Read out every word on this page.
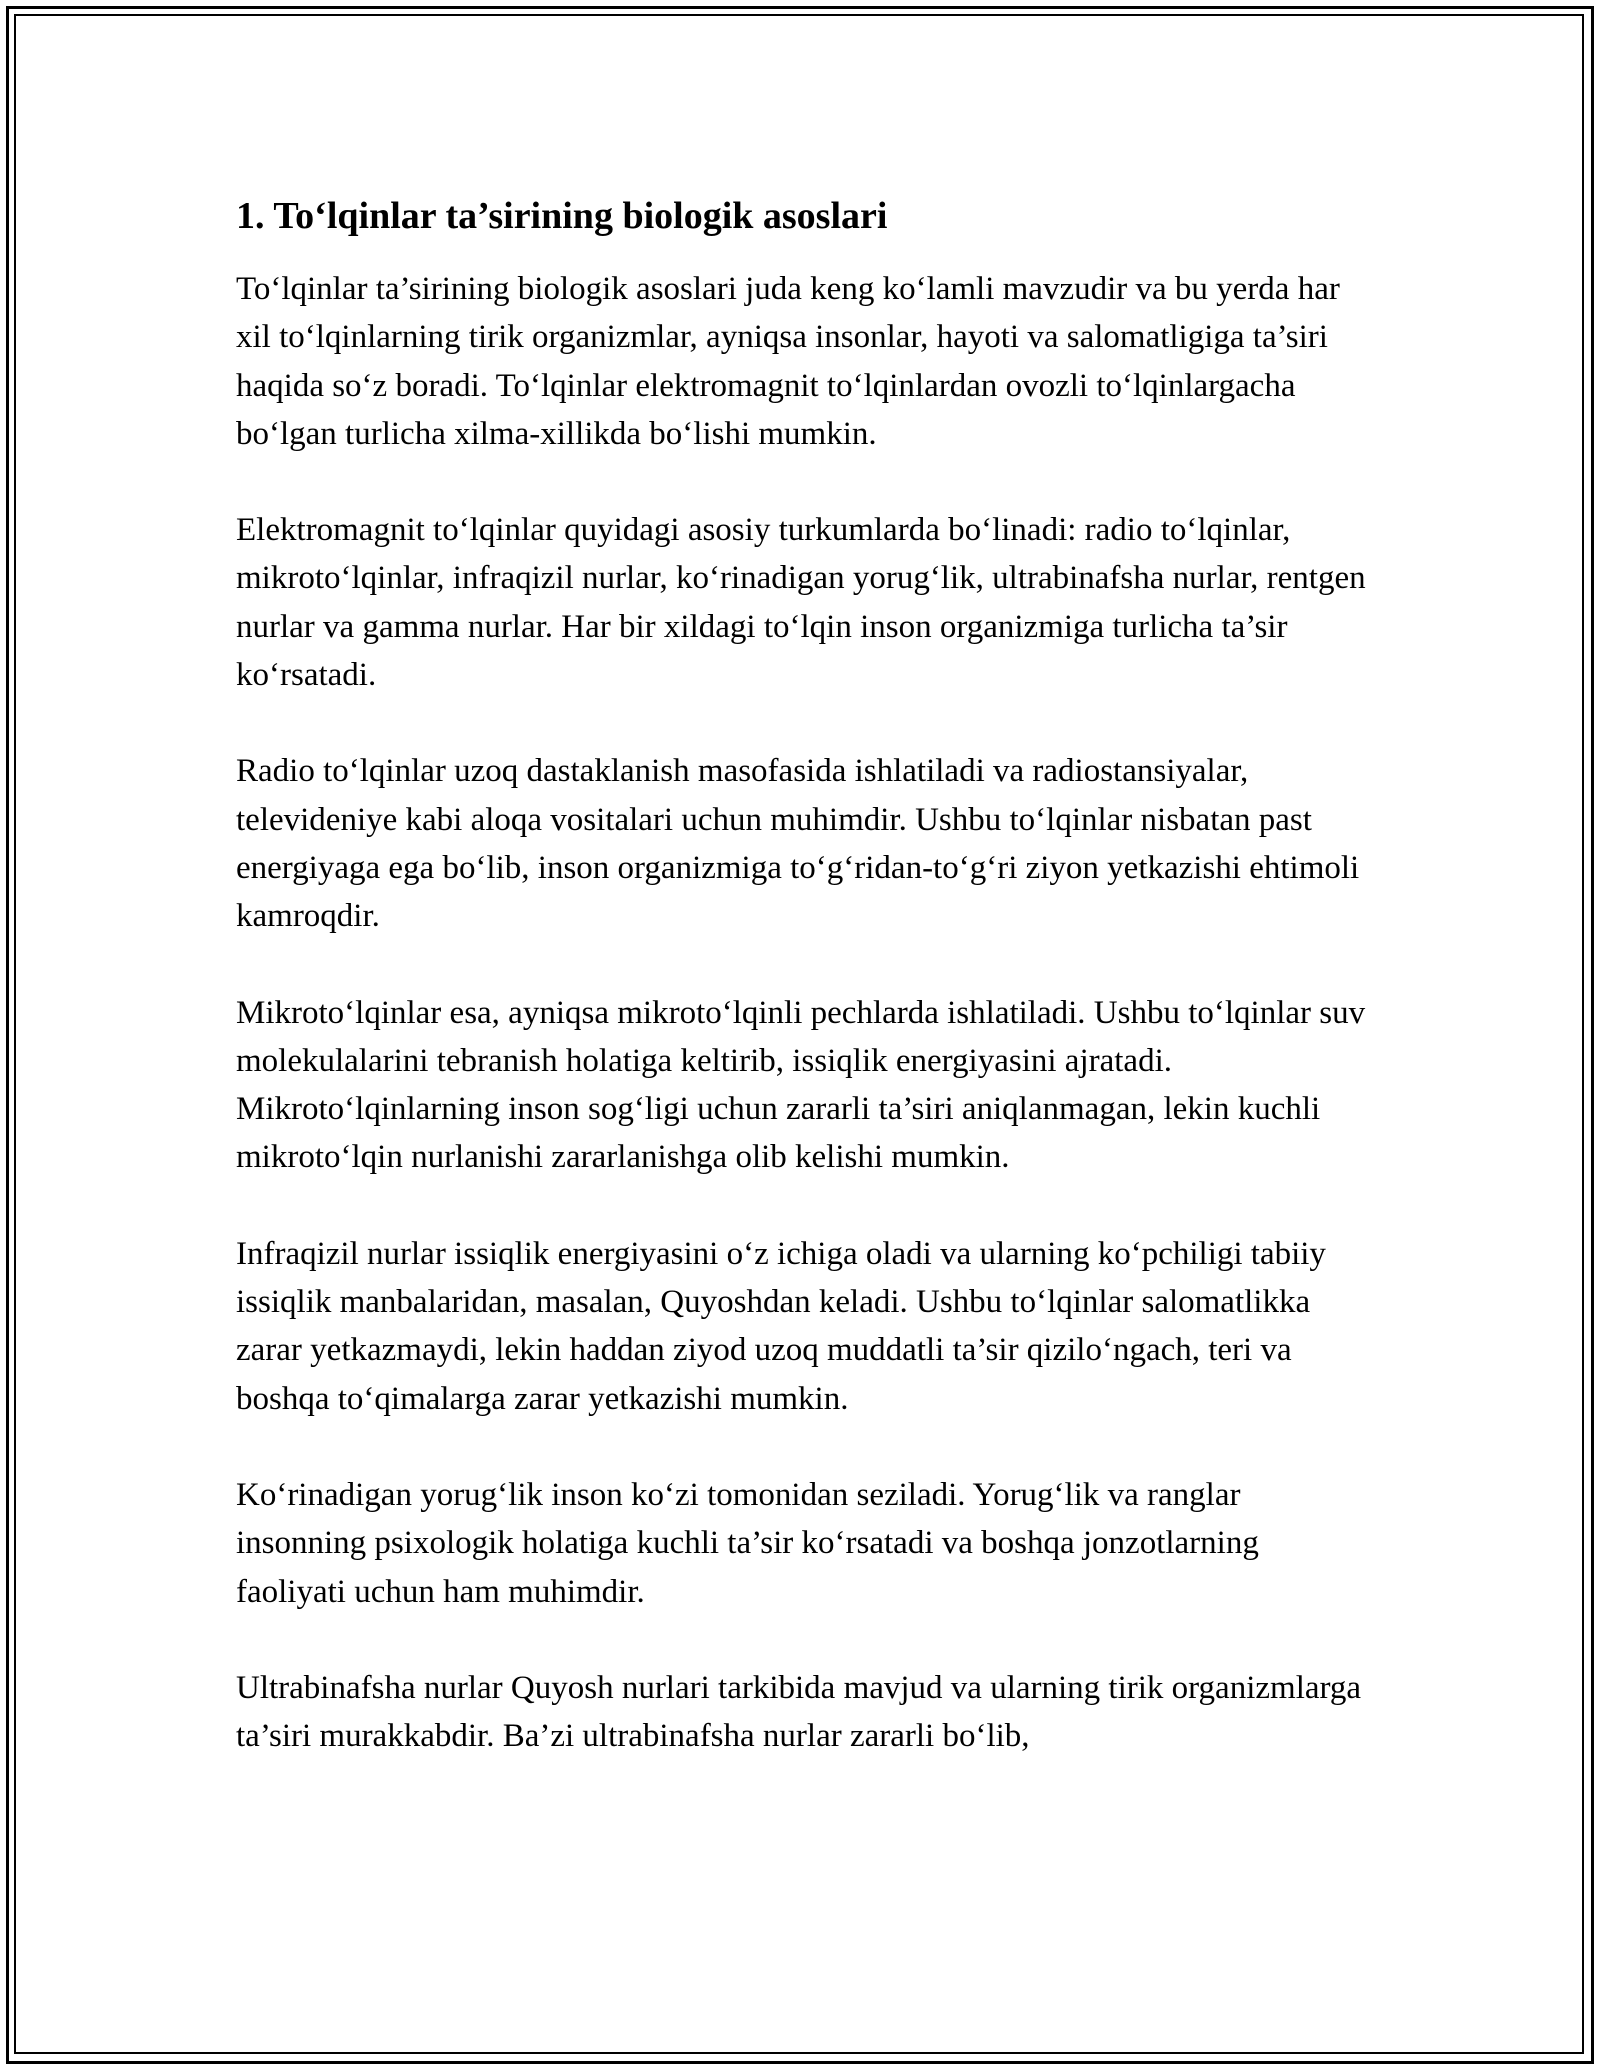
1. To‘lqinlar ta’sirining biologik asoslari

To‘lqinlar ta’sirining biologik asoslari juda keng ko‘lamli mavzudir va bu yerda har xil to‘lqinlarning tirik organizmlar, ayniqsa insonlar, hayoti va salomatligiga ta’siri haqida so‘z boradi. To‘lqinlar elektromagnit to‘lqinlardan ovozli to‘lqinlargacha bo‘lgan turlicha xilma-xillikda bo‘lishi mumkin.

Elektromagnit to‘lqinlar quyidagi asosiy turkumlarda bo‘linadi: radio to‘lqinlar, mikroto‘lqinlar, infraqizil nurlar, ko‘rinadigan yorug‘lik, ultrabinafsha nurlar, rentgen nurlar va gamma nurlar. Har bir xildagi to‘lqin inson organizmiga turlicha ta’sir ko‘rsatadi.

Radio to‘lqinlar uzoq dastaklanish masofasida ishlatiladi va radiostansiyalar, televideniye kabi aloqa vositalari uchun muhimdir. Ushbu to‘lqinlar nisbatan past energiyaga ega bo‘lib, inson organizmiga to‘g‘ridan-to‘g‘ri ziyon yetkazishi ehtimoli kamroqdir.

Mikroto‘lqinlar esa, ayniqsa mikroto‘lqinli pechlarda ishlatiladi. Ushbu to‘lqinlar suv molekulalarini tebranish holatiga keltirib, issiqlik energiyasini ajratadi. Mikroto‘lqinlarning inson sog‘ligi uchun zararli ta’siri aniqlanmagan, lekin kuchli mikroto‘lqin nurlanishi zararlanishga olib kelishi mumkin.

Infraqizil nurlar issiqlik energiyasini o‘z ichiga oladi va ularning ko‘pchiligi tabiiy issiqlik manbalaridan, masalan, Quyoshdan keladi. Ushbu to‘lqinlar salomatlikka zarar yetkazmaydi, lekin haddan ziyod uzoq muddatli ta’sir qizilo‘ngach, teri va boshqa to‘qimalarga zarar yetkazishi mumkin.

Ko‘rinadigan yorug‘lik inson ko‘zi tomonidan seziladi. Yorug‘lik va ranglar insonning psixologik holatiga kuchli ta’sir ko‘rsatadi va boshqa jonzotlarning faoliyati uchun ham muhimdir.

Ultrabinafsha nurlar Quyosh nurlari tarkibida mavjud va ularning tirik organizmlarga ta’siri murakkabdir. Ba’zi ultrabinafsha nurlar zararli bo‘lib,
